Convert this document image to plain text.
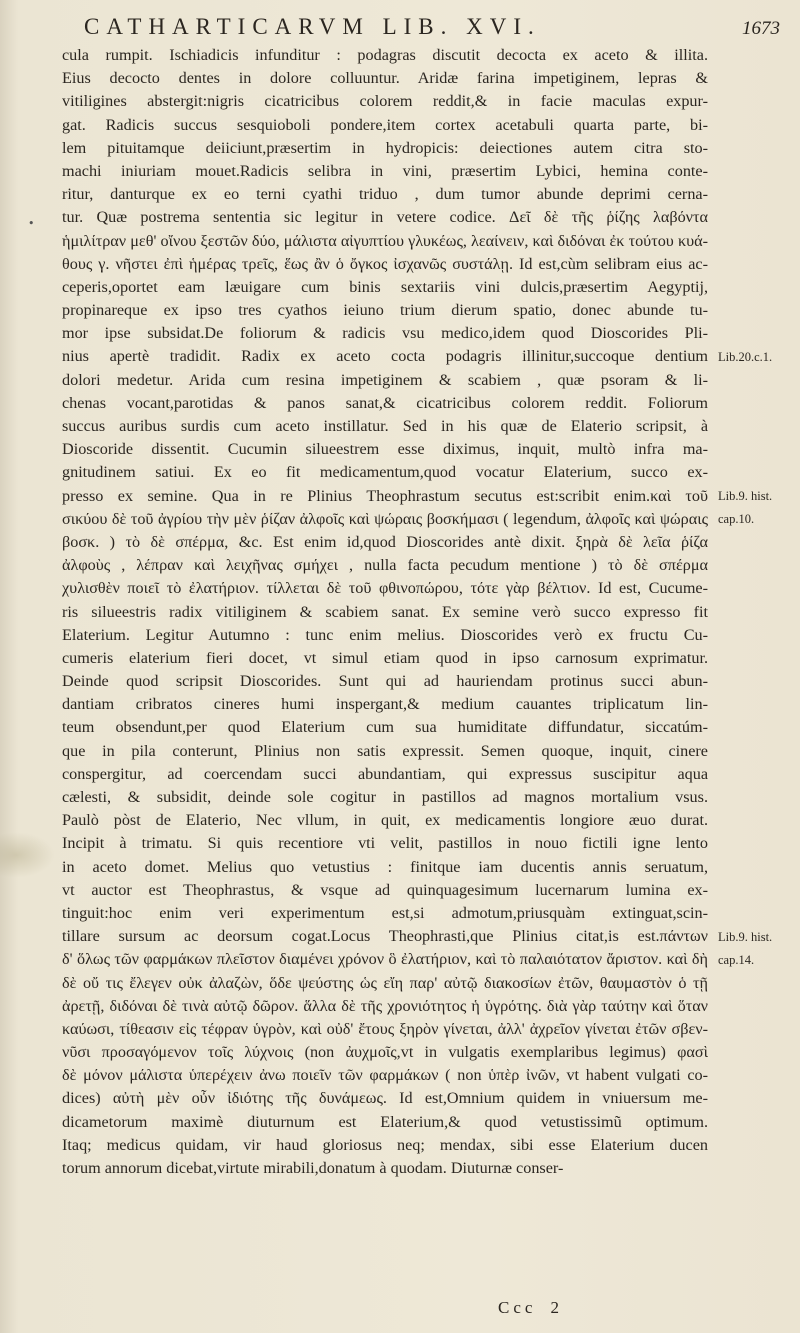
•
CATHARTICARVM LIB. XVI.	1673
cula rumpit. Ischiadicis infunditur : podagras discutit decocta ex aceto & illita.
Eius decocto dentes in dolore colluuntur. Aridæ farina impetiginem, lepras &
vitiligines abstergit:nigris cicatricibus colorem reddit,& in facie maculas expur-
gat. Radicis succus sesquioboli pondere,item cortex acetabuli quarta parte, bi-
lem pituitamque deiiciunt,præsertim in hydropicis: deiectiones autem citra sto-
machi iniuriam mouet.Radicis selibra in vini, præsertim Lybici, hemina conte-
ritur, danturque ex eo terni cyathi triduo , dum tumor abunde deprimi cerna-
tur. Quæ postrema sententia sic legitur in vetere codice. Δεῖ δὲ τῆς ῥίζης λαβόντα
ἡμιλίτραν μεθ' οἴνου ξεστῶν δύο, μάλιστα αἰγυπτίου γλυκέως, λεαίνειν, καὶ διδόναι ἐκ τούτου κυά-
θους γ. νῆστει ἐπὶ ἡμέρας τρεῖς, ἕως ἂν ὁ ὄγκος ἰσχανῶς συστάλῃ. Id est,cùm selibram eius ac-
ceperis,oportet eam læuigare cum binis sextariis vini dulcis,præsertim Aegyptij,
propinareque ex ipso tres cyathos ieiuno trium dierum spatio, donec abunde tu-
mor ipse subsidat.De foliorum & radicis vsu medico,idem quod Dioscorides Pli-
nius apertè tradidit. Radix ex aceto cocta podagris illinitur,succoque dentium
dolori medetur. Arida cum resina impetiginem & scabiem , quæ psoram & li-
chenas vocant,parotidas & panos sanat,& cicatricibus colorem reddit. Foliorum
succus auribus surdis cum aceto instillatur. Sed in his quæ de Elaterio scripsit, à
Dioscoride dissentit. Cucumin silueestrem esse diximus, inquit, multò infra ma-
gnitudinem satiui. Ex eo fit medicamentum,quod vocatur Elaterium, succo ex-
presso ex semine. Qua in re Plinius Theophrastum secutus est:scribit enim.καὶ τοῦ
σικύου δὲ τοῦ ἀγρίου τὴν μὲν ῥίζαν ἀλφοῖς καὶ ψώραις βοσκήμασι ( legendum, ἀλφοῖς καὶ ψώραις
βοσκ. ) τὸ δὲ σπέρμα, &c. Est enim id,quod Dioscorides antè dixit. ξηρὰ δὲ λεῖα ῥίζα
ἀλφοὺς , λέπραν καὶ λειχῆνας σμήχει , nulla facta pecudum mentione ) τὸ δὲ σπέρμα
χυλισθὲν ποιεῖ τὸ ἐλατήριον. τίλλεται δὲ τοῦ φθινοπώρου, τότε γὰρ βέλτιον. Id est, Cucume-
ris silueestris radix vitiliginem & scabiem sanat. Ex semine verò succo expresso fit
Elaterium. Legitur Autumno : tunc enim melius. Dioscorides verò ex fructu Cu-
cumeris elaterium fieri docet, vt simul etiam quod in ipso carnosum exprimatur.
Deinde quod scripsit Dioscorides. Sunt qui ad hauriendam protinus succi abun-
dantiam cribratos cineres humi inspergant,& medium cauantes triplicatum lin-
teum obsendunt,per quod Elaterium cum sua humiditate diffundatur, siccatúm-
que in pila conterunt, Plinius non satis expressit. Semen quoque, inquit, cinere
conspergitur, ad coercendam succi abundantiam, qui expressus suscipitur aqua
cælesti, & subsidit, deinde sole cogitur in pastillos ad magnos mortalium vsus.
Paulò pòst de Elaterio, Nec vllum, in quit, ex medicamentis longiore æuo durat.
Incipit à trimatu. Si quis recentiore vti velit, pastillos in nouo fictili igne lento
in aceto domet. Melius quo vetustius : finitque iam ducentis annis seruatum,
vt auctor est Theophrastus, & vsque ad quinquagesimum lucernarum lumina ex-
tinguit:hoc enim veri experimentum est,si admotum,priusquàm extinguat,scin-
tillare sursum ac deorsum cogat.Locus Theophrasti,que Plinius citat,is est.πάντων
δ' ὅλως τῶν φαρμάκων πλεῖστον διαμένει χρόνον ὃ ἐλατήριον, καὶ τὸ παλαιότατον ἄριστον. καὶ δὴ
δὲ οὔ τις ἔλεγεν οὐκ ἀλαζὼν, ὅδε ψεύστης ὡς εἴη παρ' αὐτῷ διακοσίων ἐτῶν, θαυμαστὸν ὁ τῇ
ἀρετῇ, διδόναι δὲ τινὰ αὐτῷ δῶρον. ἅλλα δὲ τῆς χρονιότητος ἡ ὑγρότης. διὰ γὰρ ταύτην καὶ ὅταν
καύωσι, τίθεασιν εἰς τέφραν ὑγρὸν, καὶ οὐδ' ἔτους ξηρὸν γίνεται, ἀλλ' ἀχρεῖον γίνεται ἐτῶν σβεν-
νῦσι προσαγόμενον τοῖς λύχνοις (non ἀυχμοῖς,vt in vulgatis exemplaribus legimus) φασὶ
δὲ μόνον μάλιστα ὑπερέχειν ἀνω ποιεῖν τῶν φαρμάκων ( non ὑπὲρ ἰνῶν, vt habent vulgati co-
dices) αὐτὴ μὲν οὖν ἰδιότης τῆς δυνάμεως. Id est,Omnium quidem in vniuersum me-
dicametorum maximè diuturnum est Elaterium,& quod vetustissimũ optimum.
Itaq; medicus quidam, vir haud gloriosus neq; mendax, sibi esse Elaterium ducen
torum annorum dicebat,virtute mirabili,donatum à quodam. Diuturnæ conser-
Lib.20.c.1.
Lib.9. hist.
cap.10.
Lib.9. hist.
cap.14.
Ccc 2
